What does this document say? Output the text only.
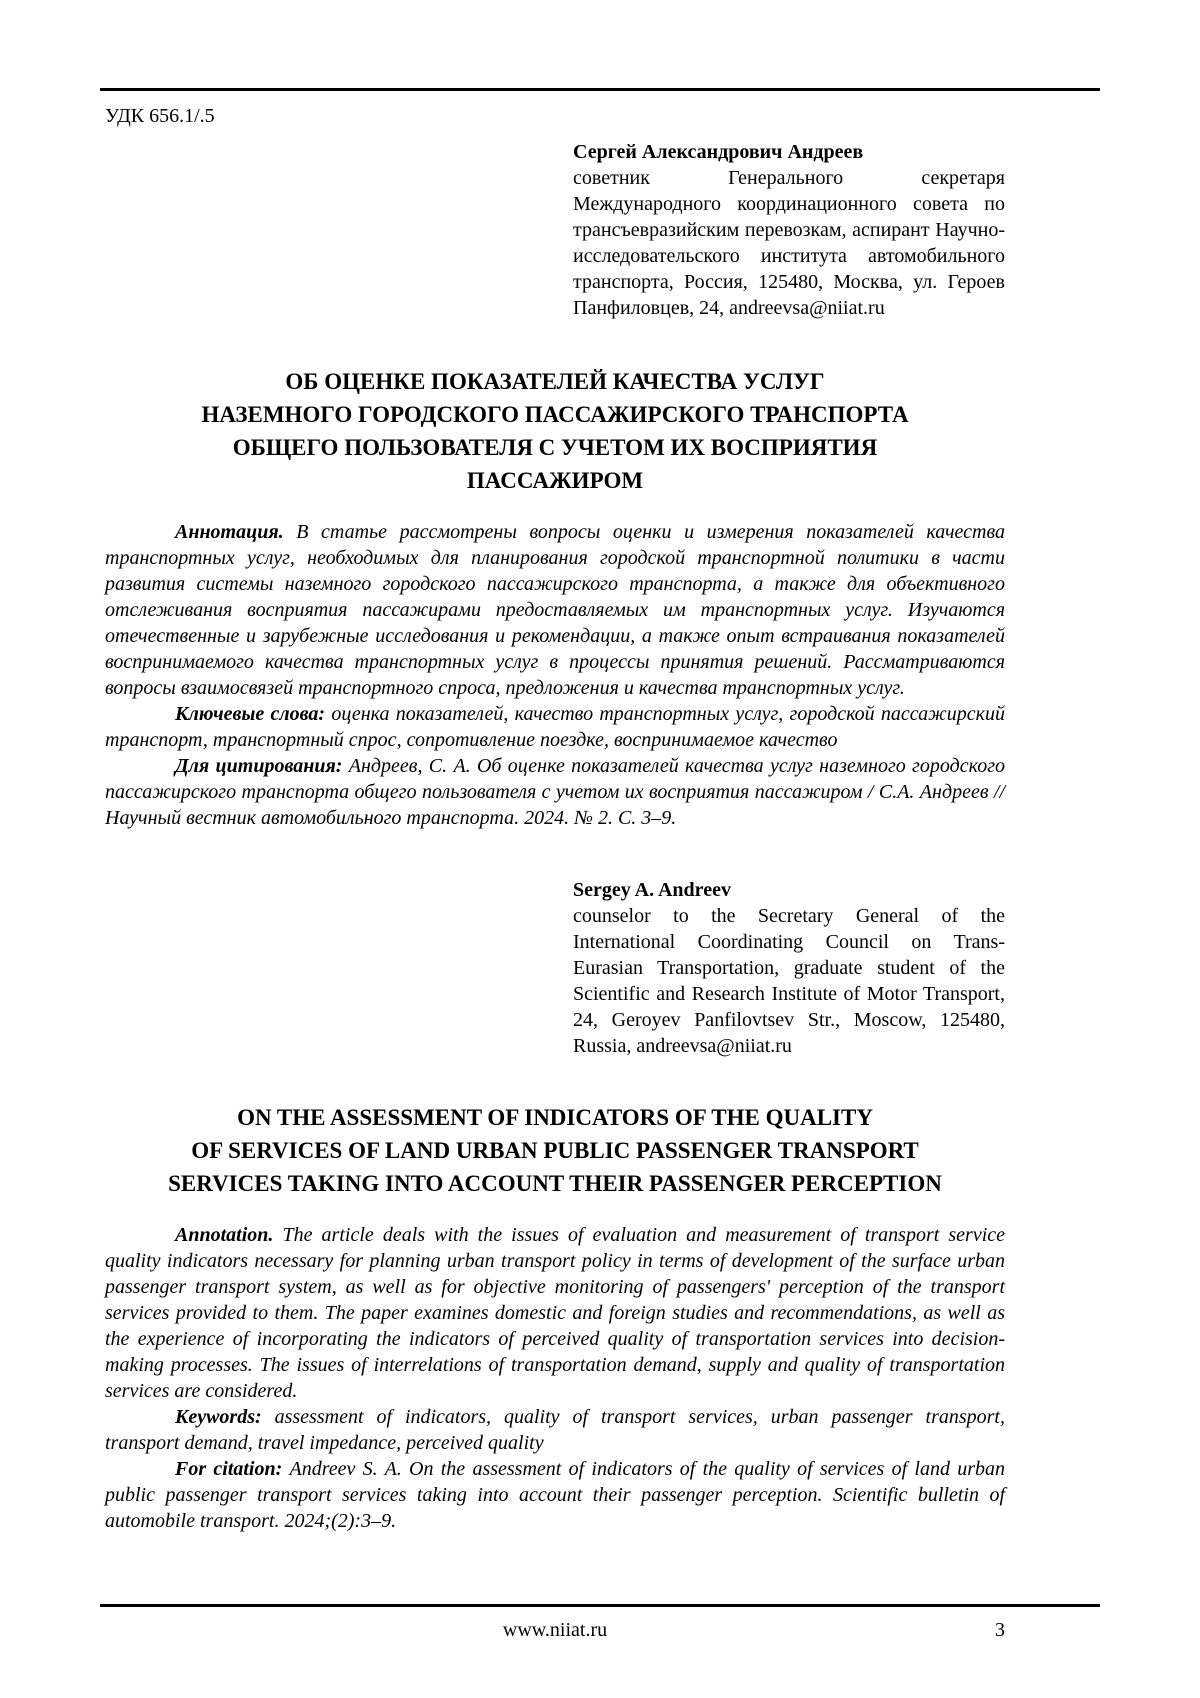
УДК 656.1/.5
Сергей Александрович Андреев
советник Генерального секретаря Международного координационного совета по трансъевразийским перевозкам, аспирант Научно-исследовательского института автомобильного транспорта, Россия, 125480, Москва, ул. Героев Панфиловцев, 24, andreevsa@niiat.ru
ОБ ОЦЕНКЕ ПОКАЗАТЕЛЕЙ КАЧЕСТВА УСЛУГ
НАЗЕМНОГО ГОРОДСКОГО ПАССАЖИРСКОГО ТРАНСПОРТА
ОБЩЕГО ПОЛЬЗОВАТЕЛЯ С УЧЕТОМ ИХ ВОСПРИЯТИЯ
ПАССАЖИРОМ

Аннотация. В статье рассмотрены вопросы оценки и измерения показателей качества транспортных услуг, необходимых для планирования городской транспортной политики в части развития системы наземного городского пассажирского транспорта, а также для объективного отслеживания восприятия пассажирами предоставляемых им транспортных услуг. Изучаются отечественные и зарубежные исследования и рекомендации, а также опыт встраивания показателей воспринимаемого качества транспортных услуг в процессы принятия решений. Рассматриваются вопросы взаимосвязей транспортного спроса, предложения и качества транспортных услуг.

Ключевые слова: оценка показателей, качество транспортных услуг, городской пассажирский транспорт, транспортный спрос, сопротивление поездке, воспринимаемое качество

Для цитирования: Андреев, С. А. Об оценке показателей качества услуг наземного городского пассажирского транспорта общего пользователя с учетом их восприятия пассажиром / С.А. Андреев // Научный вестник автомобильного транспорта. 2024. № 2. С. 3–9.

Sergey A. Andreev
counselor to the Secretary General of the International Coordinating Council on Trans-Eurasian Transportation, graduate student of the Scientific and Research Institute of Motor Transport, 24, Geroyev Panfilovtsev Str., Moscow, 125480, Russia, andreevsa@niiat.ru
ON THE ASSESSMENT OF INDICATORS OF THE QUALITY
OF SERVICES OF LAND URBAN PUBLIC PASSENGER TRANSPORT
SERVICES TAKING INTO ACCOUNT THEIR PASSENGER PERCEPTION

Annotation. The article deals with the issues of evaluation and measurement of transport service quality indicators necessary for planning urban transport policy in terms of development of the surface urban passenger transport system, as well as for objective monitoring of passengers' perception of the transport services provided to them. The paper examines domestic and foreign studies and recommendations, as well as the experience of incorporating the indicators of perceived quality of transportation services into decision-making processes. The issues of interrelations of transportation demand, supply and quality of transportation services are considered.

Keywords: assessment of indicators, quality of transport services, urban passenger transport, transport demand, travel impedance, perceived quality

For citation: Andreev S. A. On the assessment of indicators of the quality of services of land urban public passenger transport services taking into account their passenger perception. Scientific bulletin of automobile transport. 2024;(2):3–9.

www.niiat.ru	3
